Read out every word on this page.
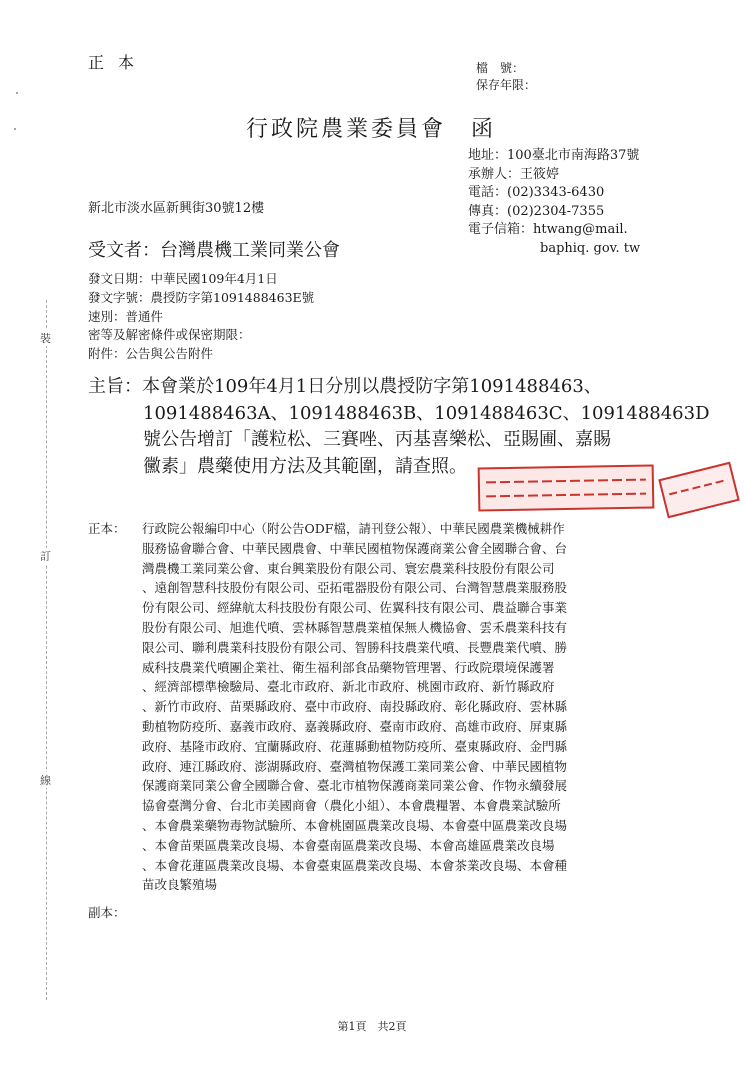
正本	檔　號：
保存年限：
行政院農業委員會　函
地址：100臺北市南海路37號
承辦人：王筱婷
電話：(02)3343-6430
傳真：(02)2304-7355
電子信箱：htwang@mail.
baphiq. gov. tw
新北市淡水區新興街30號12樓
受文者：台灣農機工業同業公會
發文日期：中華民國109年4月1日
發文字號：農授防字第1091488463E號
速別：普通件
密等及解密條件或保密期限：
附件：公告與公告附件
主旨：本會業於109年4月1日分別以農授防字第1091488463、
1091488463A、1091488463B、1091488463C、1091488463D
號公告增訂「護粒松、三賽唑、丙基喜樂松、亞賜圃、嘉賜
黴素」農藥使用方法及其範圍，請查照。
正本：	行政院公報編印中心（附公告ODF檔，請刊登公報）、中華民國農業機械耕作
服務協會聯合會、中華民國農會、中華民國植物保護商業公會全國聯合會、台
灣農機工業同業公會、東台興業股份有限公司、寰宏農業科技股份有限公司
、遠創智慧科技股份有限公司、亞拓電器股份有限公司、台灣智慧農業服務股
份有限公司、經緯航太科技股份有限公司、佐翼科技有限公司、農益聯合事業
股份有限公司、旭進代噴、雲林縣智慧農業植保無人機協會、雲禾農業科技有
限公司、聯利農業科技股份有限公司、智勝科技農業代噴、長豐農業代噴、勝
威科技農業代噴團企業社、衛生福利部食品藥物管理署、行政院環境保護署
、經濟部標準檢驗局、臺北市政府、新北市政府、桃園市政府、新竹縣政府
、新竹市政府、苗栗縣政府、臺中市政府、南投縣政府、彰化縣政府、雲林縣
動植物防疫所、嘉義市政府、嘉義縣政府、臺南市政府、高雄市政府、屏東縣
政府、基隆市政府、宜蘭縣政府、花蓮縣動植物防疫所、臺東縣政府、金門縣
政府、連江縣政府、澎湖縣政府、臺灣植物保護工業同業公會、中華民國植物
保護商業同業公會全國聯合會、臺北市植物保護商業同業公會、作物永續發展
協會臺灣分會、台北市美國商會（農化小組）、本會農糧署、本會農業試驗所
、本會農業藥物毒物試驗所、本會桃園區農業改良場、本會臺中區農業改良場
、本會苗栗區農業改良場、本會臺南區農業改良場、本會高雄區農業改良場
、本會花蓮區農業改良場、本會臺東區農業改良場、本會茶業改良場、本會種
苗改良繁殖場
副本：
裝
訂
線
第1頁　共2頁
